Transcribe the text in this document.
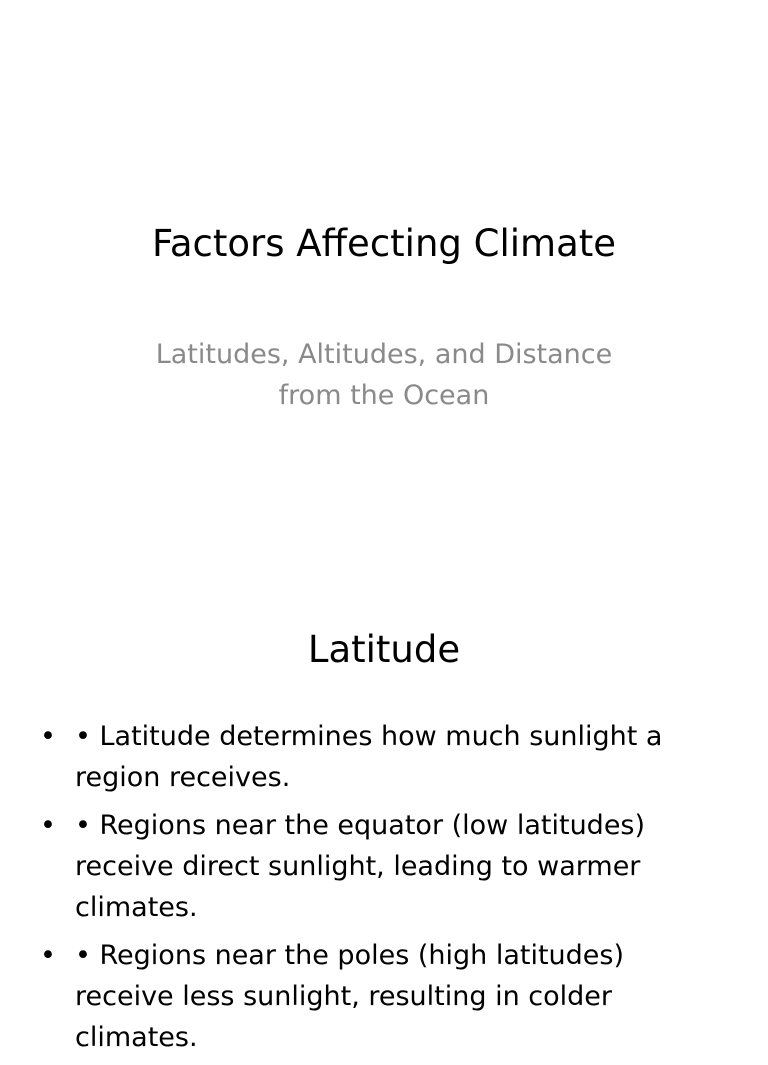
Factors Affecting Climate
Latitudes, Altitudes, and Distance from the Ocean
Latitude
• • Latitude determines how much sunlight a region receives.
• • Regions near the equator (low latitudes) receive direct sunlight, leading to warmer climates.
• • Regions near the poles (high latitudes) receive less sunlight, resulting in colder climates.
